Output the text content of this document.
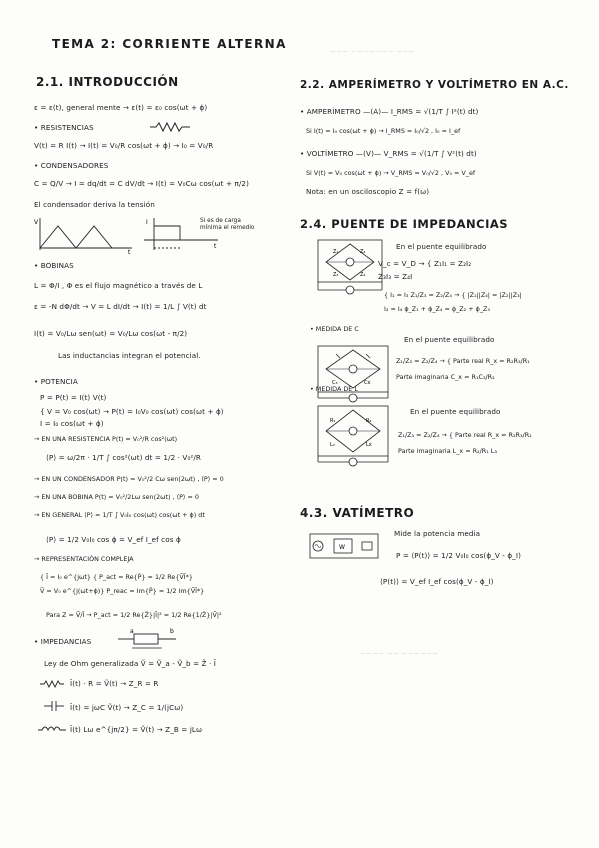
~~~ ~~~~~~~ ~~~
TEMA 2: CORRIENTE ALTERNA
2.1. INTRODUCCIÓN
ε = ε(t), general mente → ε(t) = ε₀ cos(ωt + ϕ)
• RESISTENCIAS
V(t) = R I(t) → I(t) = V₀/R cos(ωt + ϕ) → I₀ = V₀/R
• CONDENSADORES
C = Q/V → I = dq/dt = C dV/dt → I(t) = V₀Cω cos(ωt + π/2)
El condensador deriva la tensión
V
t
I
t
Si es de carga mínima el remedio
• BOBINAS
L = Φ/I , Φ es el flujo magnético a través de L
ε = -N dΦ/dt → V = L dI/dt → I(t) = 1/L ∫ V(t) dt
I(t) = V₀/Lω sen(ωt) = V₀/Lω cos(ωt - π/2)
Las inductancias integran el potencial.
• POTENCIA
P = P(t) = I(t) V(t)
{ V = V₀ cos(ωt) → P(t) = I₀V₀ cos(ωt) cos(ωt + ϕ)
I = I₀ cos(ωt + ϕ)
→ EN UNA RESISTENCIA P(t) = V₀²/R cos²(ωt)
⟨P⟩ = ω/2π · 1/T ∫ cos²(ωt) dt = 1/2 · V₀²/R
→ EN UN CONDENSADOR P(t) = V₀²/2 Cω sen(2ωt) , ⟨P⟩ = 0
→ EN UNA BOBINA P(t) = V₀²/2Lω sen(2ωt) , ⟨P⟩ = 0
→ EN GENERAL ⟨P⟩ = 1/T ∫ V₀I₀ cos(ωt) cos(ωt + ϕ) dt
⟨P⟩ = 1/2 V₀I₀ cos ϕ = V_ef I_ef cos ϕ
→ REPRESENTACIÓN COMPLEJA
{ Ĩ = I₀ e^{jωt} { P_act = Re{P̃} = 1/2 Re{ṼĨ*}
Ṽ = V₀ e^{j(ωt+ϕ)} P_reac = Im{P̃} = 1/2 Im{ṼĨ*}
Para Z = Ṽ/Ĩ → P_act = 1/2 Re{Z̃}|Ĩ|² = 1/2 Re{1/Z̃}|Ṽ|²
• IMPEDANCIAS
a	b
Ley de Ohm generalizada Ṽ = Ṽ_a - Ṽ_b = Z̃ · Ĩ
Ĩ(t) · R = Ṽ(t) → Z_R = R
Ĩ(t) = jωC Ṽ(t) → Z_C = 1/(jCω)
Ĩ(t) Lω e^{jπ/2} = Ṽ(t) → Z_B = jLω
2.2. AMPERÍMETRO Y VOLTÍMETRO EN A.C.
• AMPERÍMETRO —(A)— I_RMS = √(1/T ∫ I²(t) dt)
Si I(t) = I₀ cos(ωt + ϕ) → I_RMS = I₀/√2 , I₀ = I_ef
• VOLTÍMETRO —(V)— V_RMS = √(1/T ∫ V²(t) dt)
Si V(t) = V₀ cos(ωt + ϕ) → V_RMS = V₀/√2 , V₀ = V_ef
Nota: en un osciloscopio Z = f(ω)
2.4. PUENTE DE IMPEDANCIAS
Z₁	Z₂
Z₃	Z₄
En el puente equilibrado
V_c = V_D → { Z₁I₁ = Z₂I₂
Z₃I₃ = Z₄I
{ I₁ = I₃ Z₁/Z₃ = Z₂/Z₄ → { |Z₁||Z₄| = |Z₂||Z₃|
I₂ = I₄ ϕ_Z₁ + ϕ_Z₄ = ϕ_Z₂ + ϕ_Z₃
• MEDIDA DE C
C₃	Cx
En el puente equilibrado
Z₁/Z₃ = Z₂/Z₄ → { Parte real R_x = R₂R₃/R₁
Parte imaginaria C_x = R₁C₃/R₂
• MEDIDA DE L
R₁	R₂
L₃	Lx
En el puente equilibrado
Z₁/Z₃ = Z₂/Z₄ → { Parte real R_x = R₂R₃/R₁
Parte imaginaria L_x = R₂/R₁ L₃
4.3. VATÍMETRO
W
Mide la potencia media
P = ⟨P(t)⟩ = 1/2 V₀I₀ cos(ϕ_V - ϕ_I)
⟨P(t)⟩ = V_ef I_ef cos(ϕ_V - ϕ_I)
~~~~ ~~ ~~~~~~
